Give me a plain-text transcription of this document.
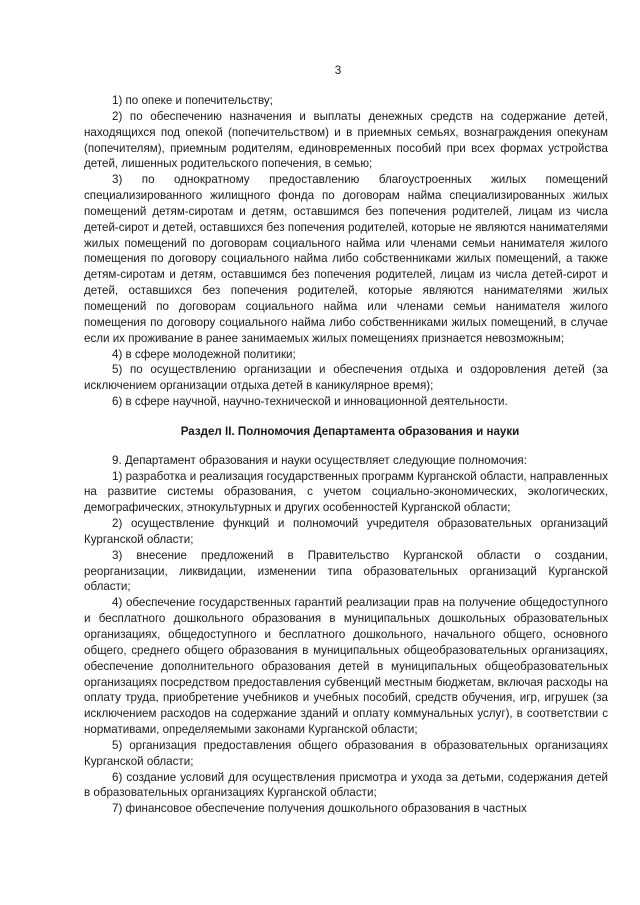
3

1) по опеке и попечительству;

2) по обеспечению назначения и выплаты денежных средств на содержание детей, находящихся под опекой (попечительством) и в приемных семьях, вознаграждения опекунам (попечителям), приемным родителям, единовременных пособий при всех формах устройства детей, лишенных родительского попечения, в семью;

3) по однократному предоставлению благоустроенных жилых помещений специализированного жилищного фонда по договорам найма специализированных жилых помещений детям-сиротам и детям, оставшимся без попечения родителей, лицам из числа детей-сирот и детей, оставшихся без попечения родителей, которые не являются нанимателями жилых помещений по договорам социального найма или членами семьи нанимателя жилого помещения по договору социального найма либо собственниками жилых помещений, а также детям-сиротам и детям, оставшимся без попечения родителей, лицам из числа детей-сирот и детей, оставшихся без попечения родителей, которые являются нанимателями жилых помещений по договорам социального найма или членами семьи нанимателя жилого помещения по договору социального найма либо собственниками жилых помещений, в случае если их проживание в ранее занимаемых жилых помещениях признается невозможным;

4) в сфере молодежной политики;

5) по осуществлению организации и обеспечения отдыха и оздоровления детей (за исключением организации отдыха детей в каникулярное время);

6) в сфере научной, научно-технической и инновационной деятельности.

Раздел II. Полномочия Департамента образования и науки

9. Департамент образования и науки осуществляет следующие полномочия:

1) разработка и реализация государственных программ Курганской области, направленных на развитие системы образования, с учетом социально-экономических, экологических, демографических, этнокультурных и других особенностей Курганской области;

2) осуществление функций и полномочий учредителя образовательных организаций Курганской области;

3) внесение предложений в Правительство Курганской области о создании, реорганизации, ликвидации, изменении типа образовательных организаций Курганской области;

4) обеспечение государственных гарантий реализации прав на получение общедоступного и бесплатного дошкольного образования в муниципальных дошкольных образовательных организациях, общедоступного и бесплатного дошкольного, начального общего, основного общего, среднего общего образования в муниципальных общеобразовательных организациях, обеспечение дополнительного образования детей в муниципальных общеобразовательных организациях посредством предоставления субвенций местным бюджетам, включая расходы на оплату труда, приобретение учебников и учебных пособий, средств обучения, игр, игрушек (за исключением расходов на содержание зданий и оплату коммунальных услуг), в соответствии с нормативами, определяемыми законами Курганской области;

5) организация предоставления общего образования в образовательных организациях Курганской области;

6) создание условий для осуществления присмотра и ухода за детьми, содержания детей в образовательных организациях Курганской области;

7) финансовое обеспечение получения дошкольного образования в частных
